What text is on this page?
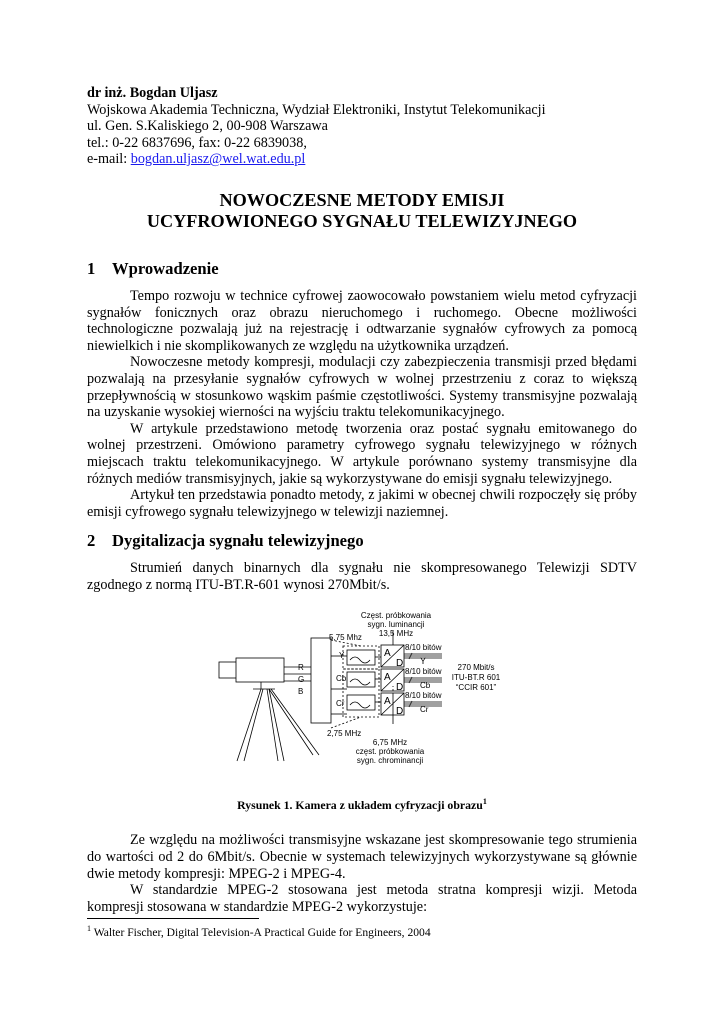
dr inż. Bogdan Uljasz

Wojskowa Akademia Techniczna, Wydział Elektroniki, Instytut Telekomunikacji

ul. Gen. S.Kaliskiego 2, 00-908 Warszawa

tel.: 0-22 6837696, fax: 0-22 6839038,

e-mail: bogdan.uljasz@wel.wat.edu.pl

NOWOCZESNE METODY EMISJI
UCYFROWIONEGO SYGNAŁU TELEWIZYJNEGO
1 Wprowadzenie

Tempo rozwoju w technice cyfrowej zaowocowało powstaniem wielu metod cyfryzacji sygnałów fonicznych oraz obrazu nieruchomego i ruchomego. Obecne możliwości technologiczne pozwalają już na rejestrację i odtwarzanie sygnałów cyfrowych za pomocą niewielkich i nie skomplikowanych ze względu na użytkownika urządzeń.

Nowoczesne metody kompresji, modulacji czy zabezpieczenia transmisji przed błędami pozwalają na przesyłanie sygnałów cyfrowych w wolnej przestrzeniu z coraz to większą przepływnością w stosunkowo wąskim paśmie częstotliwości. Systemy transmisyjne pozwalają na uzyskanie wysokiej wierności na wyjściu traktu telekomunikacyjnego.

W artykule przedstawiono metodę tworzenia oraz postać sygnału emitowanego do wolnej przestrzeni. Omówiono parametry cyfrowego sygnału telewizyjnego w różnych miejscach traktu telekomunikacyjnego. W artykule porównano systemy transmisyjne dla różnych mediów transmisyjnych, jakie są wykorzystywane do emisji sygnału telewizyjnego.

Artykuł ten przedstawia ponadto metody, z jakimi w obecnej chwili rozpoczęły się próby emisji cyfrowego sygnału telewizyjnego w telewizji naziemnej.

2 Dygitalizacja sygnału telewizyjnego

Strumień danych binarnych dla sygnału nie skompresowanego Telewizji SDTV zgodnego z normą ITU-BT.R-601 wynosi 270Mbit/s.

Częst. próbkowania
sygn. luminancji
13,5 MHz
5,75 Mhz
R
G
B
Y
Cb
Cr
2,75 MHz
6,75 MHz
częst. próbkowania
sygn. chrominancji
A
D
A
D
A
D
8/10 bitów
8/10 bitów
8/10 bitów
Y
Cb
Cr
270 Mbit/s
ITU-BT.R 601
“CCIR 601”
Rysunek 1. Kamera z układem cyfryzacji obrazu$^1$

Ze względu na możliwości transmisyjne wskazane jest skompresowanie tego strumienia do wartości od 2 do 6Mbit/s. Obecnie w systemach telewizyjnych wykorzystywane są głównie dwie metody kompresji: MPEG-2 i MPEG-4.

W standardzie MPEG-2 stosowana jest metoda stratna kompresji wizji. Metoda kompresji stosowana w standardzie MPEG-2 wykorzystuje:

$^1$ Walter Fischer, Digital Television-A Practical Guide for Engineers, 2004
